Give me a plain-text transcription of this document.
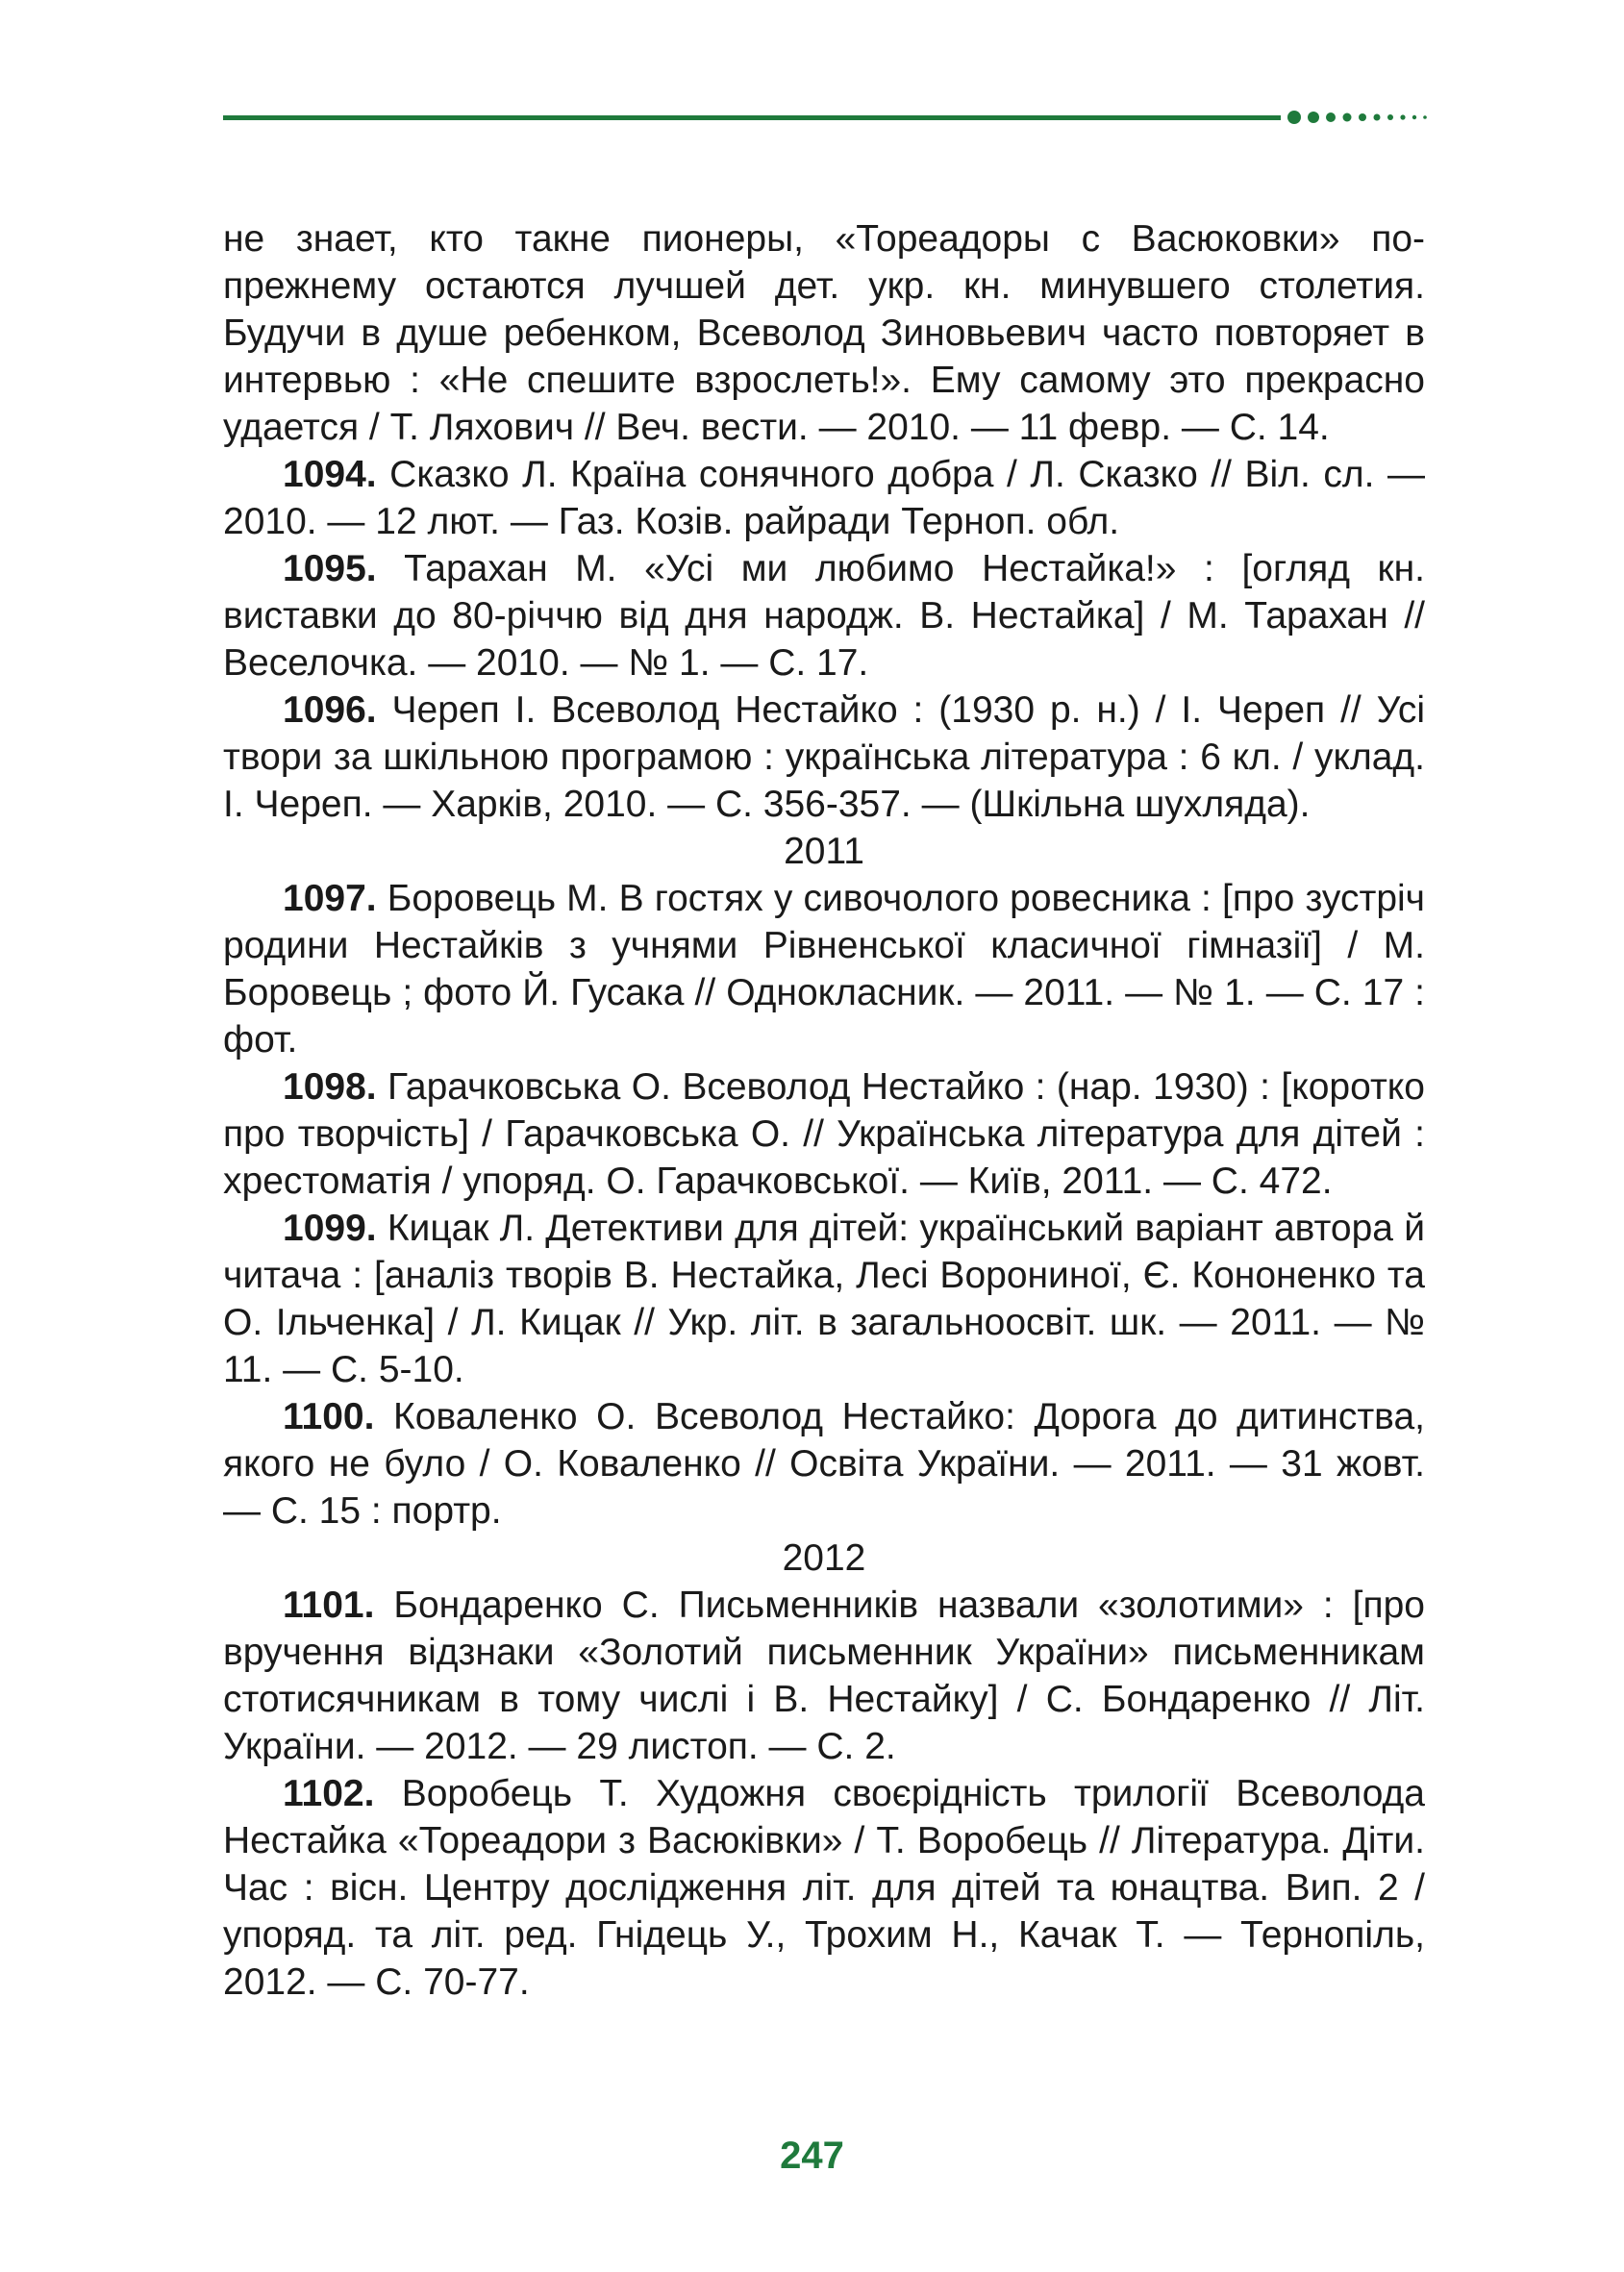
не знает, кто такне пионеры, «Тореадоры с Васюковки» по-прежнему остаются лучшей дет. укр. кн. минувшего столетия. Будучи в душе ребенком, Всеволод Зиновьевич часто повторяет в интервью : «Не спешите взрослеть!». Ему самому это прекрасно удается / Т. Ляхович // Веч. вести. — 2010. — 11 февр. — С. 14.

1094. Сказко Л. Країна сонячного добра / Л. Сказко // Віл. сл. — 2010. — 12 лют. — Газ. Козів. райради Терноп. обл.

1095. Тарахан М. «Усі ми любимо Нестайка!» : [огляд кн. виставки до 80-річчю від дня народж. В. Нестайка] / М. Тарахан // Веселочка. — 2010. — № 1. — С. 17.

1096. Череп І. Всеволод Нестайко : (1930 р. н.) / І. Череп // Усі твори за шкільною програмою : українська література : 6 кл. / уклад. І. Череп. — Харків, 2010. — С. 356-357. — (Шкільна шухляда).

2011

1097. Боровець М. В гостях у сивочолого ровесника : [про зустріч родини Нестайків з учнями Рівненської класичної гімназії] / М. Боровець ; фото Й. Гусака // Однокласник. — 2011. — № 1. — С. 17 : фот.

1098. Гарачковська О. Всеволод Нестайко : (нар. 1930) : [коротко про творчість] / Гарачковська О. // Українська література для дітей : хрестоматія / упоряд. О. Гарачковської. — Київ, 2011. — С. 472.

1099. Кицак Л. Детективи для дітей: український варіант автора й читача : [аналіз творів В. Нестайка, Лесі Ворониної, Є. Кононенко та О. Ільченка] / Л. Кицак // Укр. літ. в загальноосвіт. шк. — 2011. — № 11. — С. 5-10.

1100. Коваленко О. Всеволод Нестайко: Дорога до дитинства, якого не було / О. Коваленко // Освіта України. — 2011. — 31 жовт. — С. 15 : портр.

2012

1101. Бондаренко С. Письменників назвали «золотими» : [про вручення відзнаки «Золотий письменник України» письменникам стотисячникам в тому числі і В. Нестайку] / С. Бондаренко // Літ. України. — 2012. — 29 листоп. — С. 2.

1102. Воробець Т. Художня своєрідність трилогії Всеволода Нестайка «Тореадори з Васюківки» / Т. Воробець // Література. Діти. Час : вісн. Центру дослідження літ. для дітей та юнацтва. Вип. 2 / упоряд. та літ. ред. Гнідець У., Трохим Н., Качак Т. — Тернопіль, 2012. — С. 70-77.

247
